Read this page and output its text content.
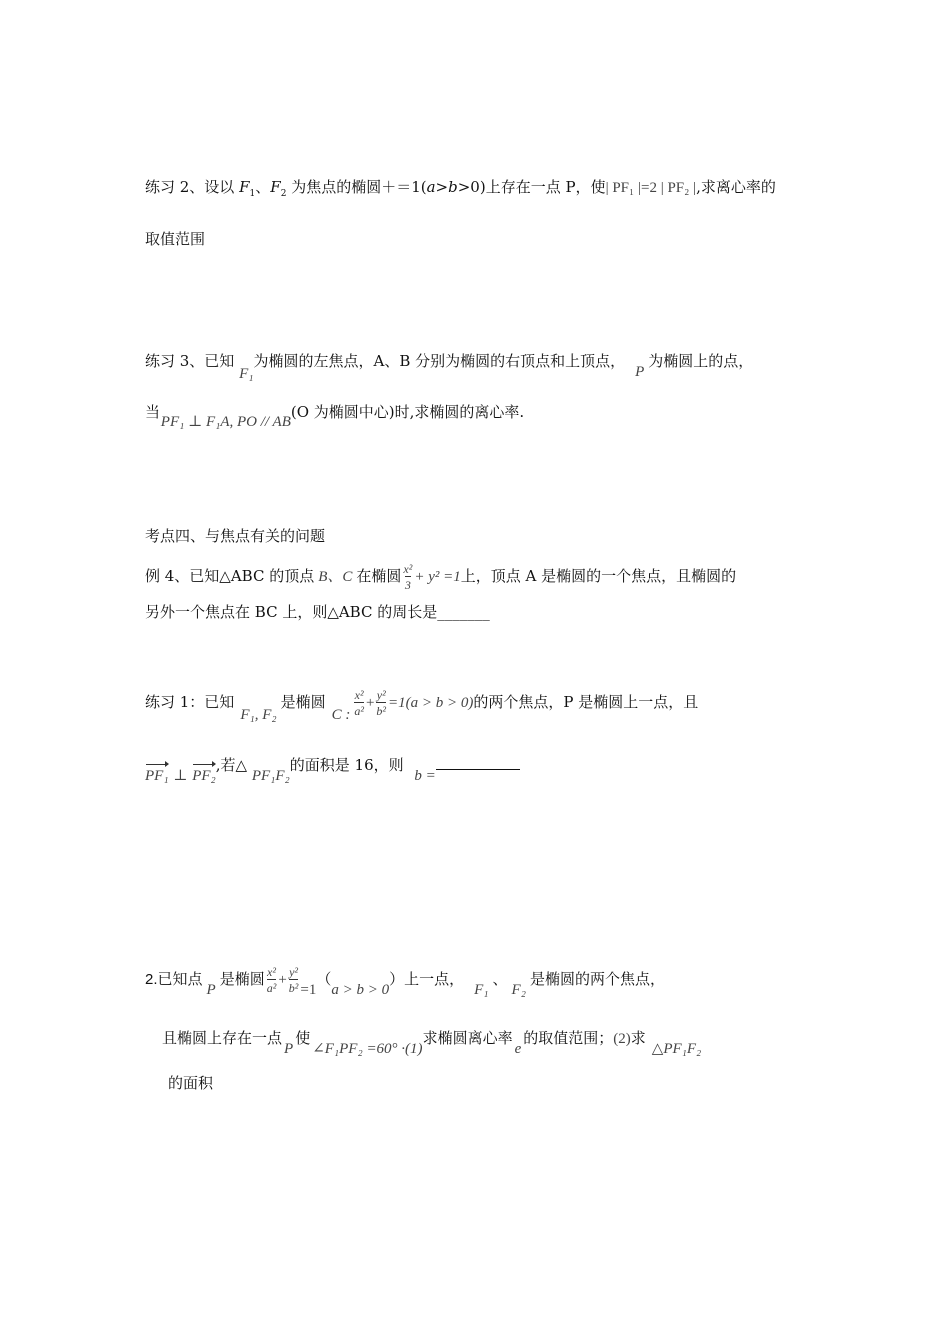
练习 2、设以 $F_1$、$F_2$ 为焦点的椭圆＋＝1(a>b>0)上存在一点 P，使| PF₁ |=2 | PF₂ |,求离心率的
取值范围
练习 3、已知 F₁为椭圆的左焦点，A、B 分别为椭圆的右顶点和上顶点，P为椭圆上的点，
当 PF₁ ⊥ F₁A, PO // AB(O 为椭圆中心)时,求椭圆的离心率.
考点四、与焦点有关的问题
例 4、已知△ABC 的顶点 B、C 在椭圆 $\frac{\text{x²}}{3} + y^2 =1$上，顶点 A 是椭圆的一个焦点，且椭圆的
另外一个焦点在 BC 上，则△ABC 的周长是_______
练习 1：已知F₁, F₂是椭圆C : $\frac{\text{x²}}{\text{a²}} + \frac{\text{y²}}{\text{b²}} =1(a > b > 0)$的两个焦点，P 是椭圆上一点，且
PF₁ ⊥ PF₂,若△ PF₁F₂的面积是 16，则 b =
2.已知点P是椭圆 $\frac{\text{x²}}{\text{a²}} + \frac{\text{y²}}{\text{b²}} =1(a > b > 0)$上一点，F₁、F₂是椭圆的两个焦点，
且椭圆上存在一点P使∠F₁PF₂ =60° ·(1)求椭圆离心率e的取值范围；(2)求△PF₁F₂
的面积
